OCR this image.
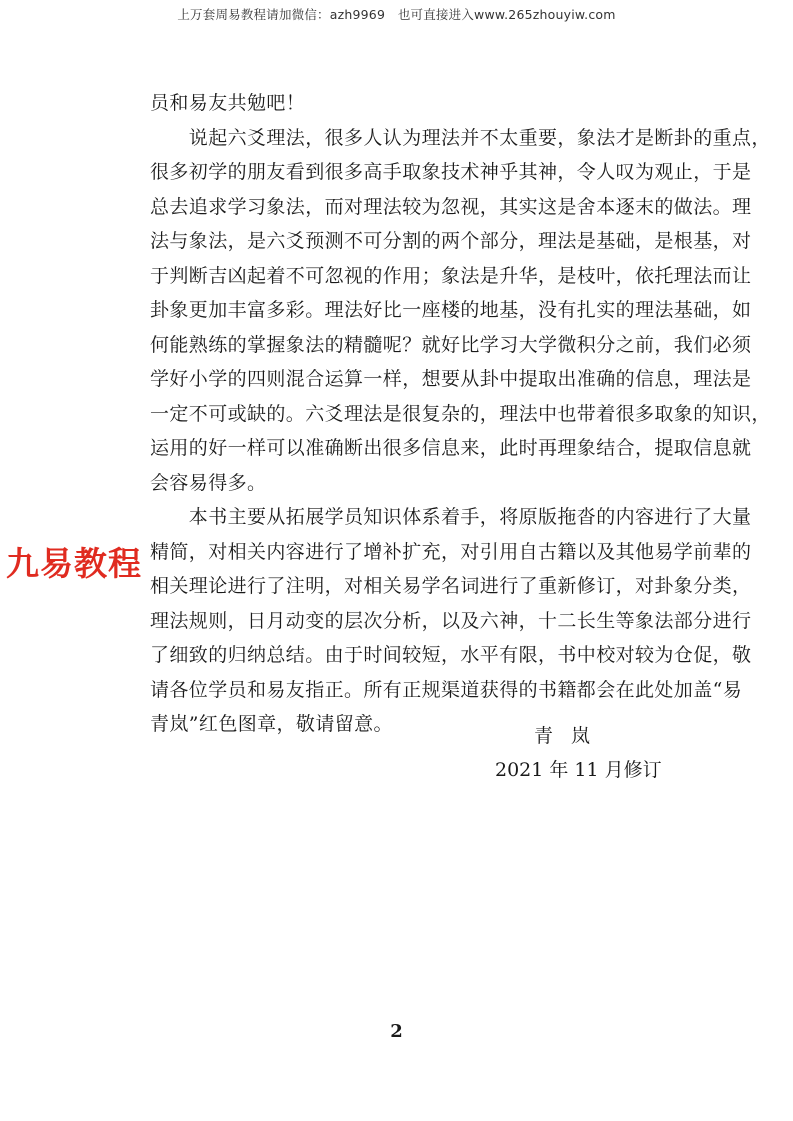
上万套周易教程请加微信：azh9969　也可直接进入www.265zhouyiw.com
九易教程
员和易友共勉吧！
　　说起六爻理法，很多人认为理法并不太重要，象法才是断卦的重点，
很多初学的朋友看到很多高手取象技术神乎其神，令人叹为观止，于是
总去追求学习象法，而对理法较为忽视，其实这是舍本逐末的做法。理
法与象法，是六爻预测不可分割的两个部分，理法是基础，是根基，对
于判断吉凶起着不可忽视的作用；象法是升华，是枝叶，依托理法而让
卦象更加丰富多彩。理法好比一座楼的地基，没有扎实的理法基础，如
何能熟练的掌握象法的精髓呢？就好比学习大学微积分之前，我们必须
学好小学的四则混合运算一样，想要从卦中提取出准确的信息，理法是
一定不可或缺的。六爻理法是很复杂的，理法中也带着很多取象的知识，
运用的好一样可以准确断出很多信息来，此时再理象结合，提取信息就
会容易得多。
　　本书主要从拓展学员知识体系着手，将原版拖沓的内容进行了大量
精简，对相关内容进行了增补扩充，对引用自古籍以及其他易学前辈的
相关理论进行了注明，对相关易学名词进行了重新修订，对卦象分类，
理法规则，日月动变的层次分析，以及六神，十二长生等象法部分进行
了细致的归纳总结。由于时间较短，水平有限，书中校对较为仓促，敬
请各位学员和易友指正。所有正规渠道获得的书籍都会在此处加盖“易
青岚”红色图章，敬请留意。
青 岚
2021 年 11 月修订
2
